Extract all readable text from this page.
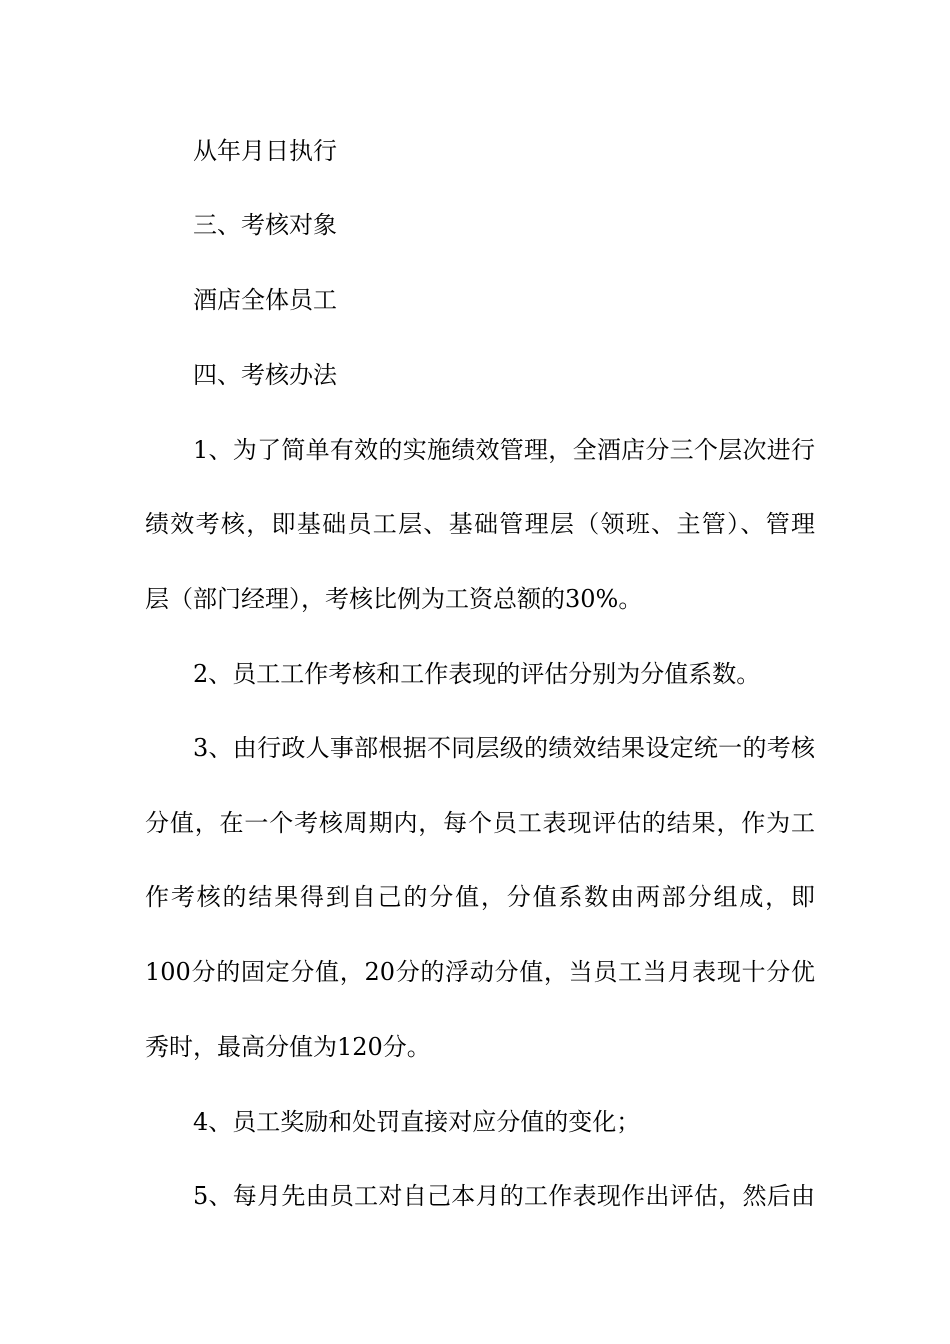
从年月日执行
三、考核对象
酒店全体员工
四、考核办法
1、为了简单有效的实施绩效管理，全酒店分三个层次进行
绩效考核，即基础员工层、基础管理层（领班、主管）、管理
层（部门经理），考核比例为工资总额的30%。
2、员工工作考核和工作表现的评估分别为分值系数。
3、由行政人事部根据不同层级的绩效结果设定统一的考核
分值，在一个考核周期内，每个员工表现评估的结果，作为工
作考核的结果得到自己的分值，分值系数由两部分组成，即
100分的固定分值，20分的浮动分值，当员工当月表现十分优
秀时，最高分值为120分。
4、员工奖励和处罚直接对应分值的变化；
5、每月先由员工对自己本月的工作表现作出评估，然后由
